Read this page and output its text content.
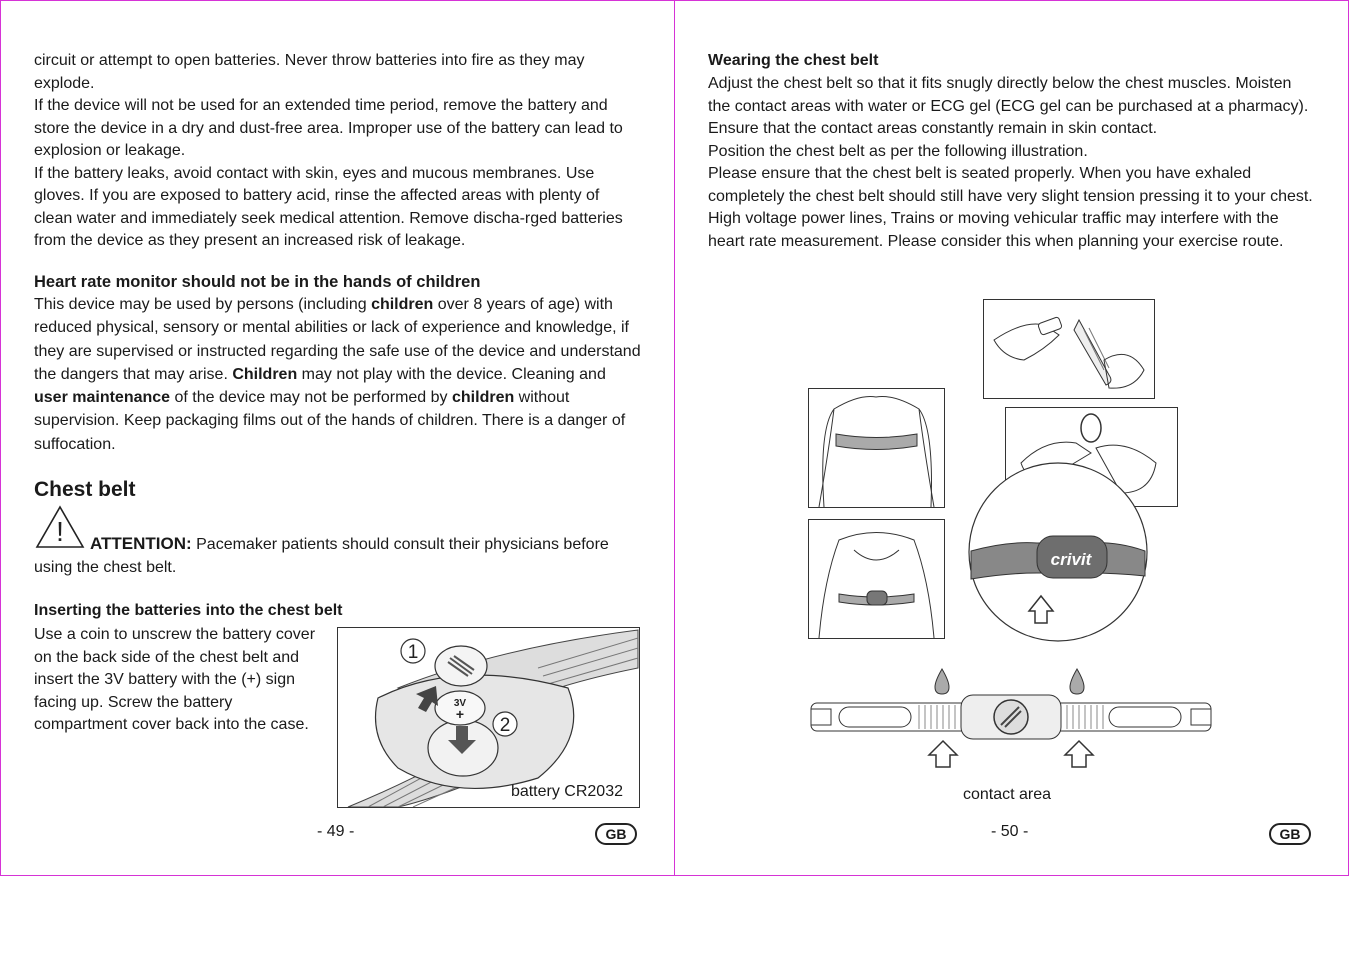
circuit or attempt to open batteries. Never throw batteries into fire as they may explode.

If the device will not be used for an extended time period, remove the battery and store the device in a dry and dust-free area. Improper use of the battery can lead to explosion or leakage.

If the battery leaks, avoid contact with skin, eyes and mucous membranes. Use gloves. If you are exposed to battery acid, rinse the affected areas with plenty of clean water and immediately seek medical attention. Remove discha-rged batteries from the device as they present an increased risk of leakage.

Heart rate monitor should not be in the hands of children
This device may be used by persons (including children over 8 years of age) with reduced physical, sensory or mental abilities or lack of experience and knowledge, if they are supervised or instructed regarding the safe use of the device and understand the dangers that may arise. Children may not play with the device. Cleaning and user maintenance of the device may not be performed by children without supervision. Keep packaging films out of the hands of children. There is a danger of suffocation.
Chest belt
!	ATTENTION: Pacemaker patients should consult their physicians before using the chest belt.
Inserting the batteries into the chest belt
Use a coin to unscrew the battery cover on the back side of the chest belt and insert the 3V battery with the (+) sign facing up. Screw the battery compartment cover back into the case.
1
2
3V
+
battery CR2032
- 49 -	GB
Wearing the chest belt

Adjust the chest belt so that it fits snugly directly below the chest muscles. Moisten the contact areas with water or ECG gel (ECG gel can be purchased at a pharmacy). Ensure that the contact areas constantly remain in skin contact.

Position the chest belt as per the following illustration.

Please ensure that the chest belt is seated properly. When you have exhaled completely the chest belt should still have very slight tension pressing it to your chest.

High voltage power lines, Trains or moving vehicular traffic may interfere with the heart rate measurement. Please consider this when planning your exercise route.

crivit
contact area
- 50 -	GB
